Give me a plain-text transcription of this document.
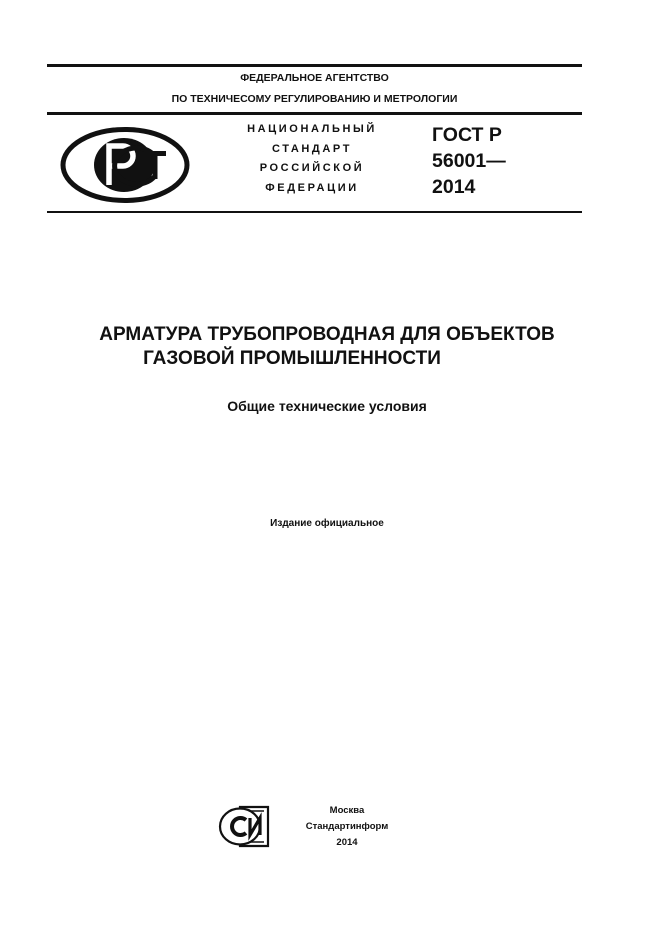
ФЕДЕРАЛЬНОЕ АГЕНТСТВО
ПО ТЕХНИЧЕСОМУ РЕГУЛИРОВАНИЮ И МЕТРОЛОГИИ
НАЦИОНАЛЬНЫЙ
СТАНДАРТ
РОССИЙСКОЙ
ФЕДЕРАЦИИ
ГОСТ Р
56001—
2014
АРМАТУРА ТРУБОПРОВОДНАЯ ДЛЯ ОБЪЕКТОВ
ГАЗОВОЙ ПРОМЫШЛЕННОСТИ
Общие технические условия
Издание официальное
Москва
Стандартинформ
2014
